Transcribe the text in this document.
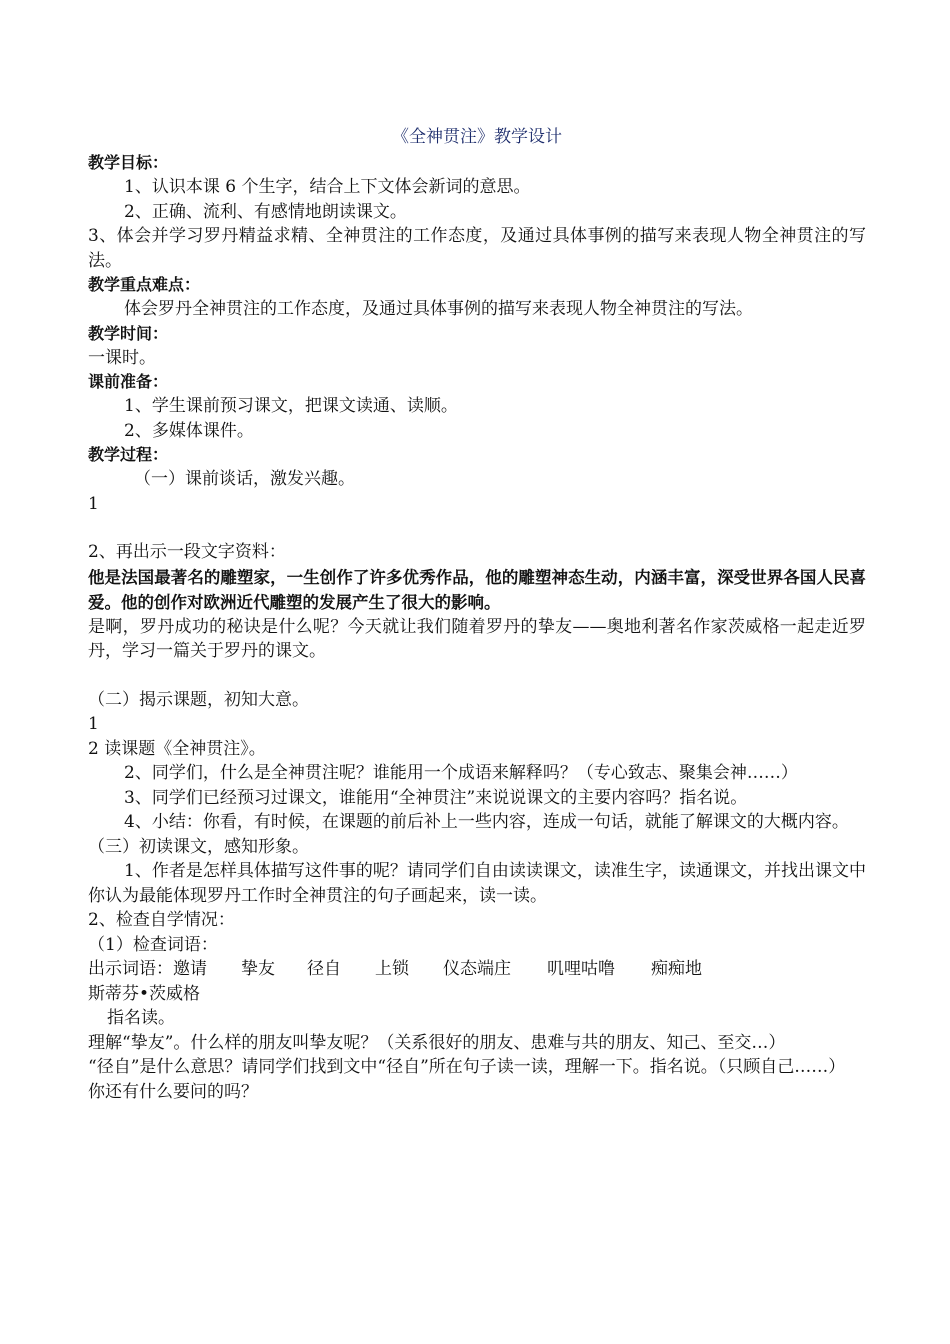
《全神贯注》教学设计
教学目标：
1、认识本课 6 个生字，结合上下文体会新词的意思。
2、正确、流利、有感情地朗读课文。
3、体会并学习罗丹精益求精、全神贯注的工作态度，及通过具体事例的描写来表现人物全神贯注的写法。
教学重点难点：
体会罗丹全神贯注的工作态度，及通过具体事例的描写来表现人物全神贯注的写法。
教学时间：
一课时。
课前准备：
1、学生课前预习课文，把课文读通、读顺。
2、多媒体课件。
教学过程：
（一）课前谈话，激发兴趣。
1
2、再出示一段文字资料：
他是法国最著名的雕塑家，一生创作了许多优秀作品，他的雕塑神态生动，内涵丰富，深受世界各国人民喜爱。他的创作对欧洲近代雕塑的发展产生了很大的影响。
是啊，罗丹成功的秘诀是什么呢？今天就让我们随着罗丹的挚友——奥地利著名作家茨威格一起走近罗丹，学习一篇关于罗丹的课文。
（二）揭示课题，初知大意。
1
2 读课题《全神贯注》。
2、同学们，什么是全神贯注呢？谁能用一个成语来解释吗？（专心致志、聚集会神……）
3、同学们已经预习过课文，谁能用“全神贯注”来说说课文的主要内容吗？指名说。
4、小结：你看，有时候，在课题的前后补上一些内容，连成一句话，就能了解课文的大概内容。
（三）初读课文，感知形象。
1、作者是怎样具体描写这件事的呢？请同学们自由读读课文，读准生字，读通课文，并找出课文中你认为最能体现罗丹工作时全神贯注的句子画起来，读一读。
2、检查自学情况：
（1）检查词语：
出示词语： 邀请	挚友	径自	上锁	仪态端庄	叽哩咕噜	痴痴地
斯蒂芬•茨威格
指名读。
理解“挚友”。什么样的朋友叫挚友呢？（关系很好的朋友、患难与共的朋友、知己、至交…）
“径自”是什么意思？请同学们找到文中“径自”所在句子读一读，理解一下。指名说。（只顾自己……）
你还有什么要问的吗？
